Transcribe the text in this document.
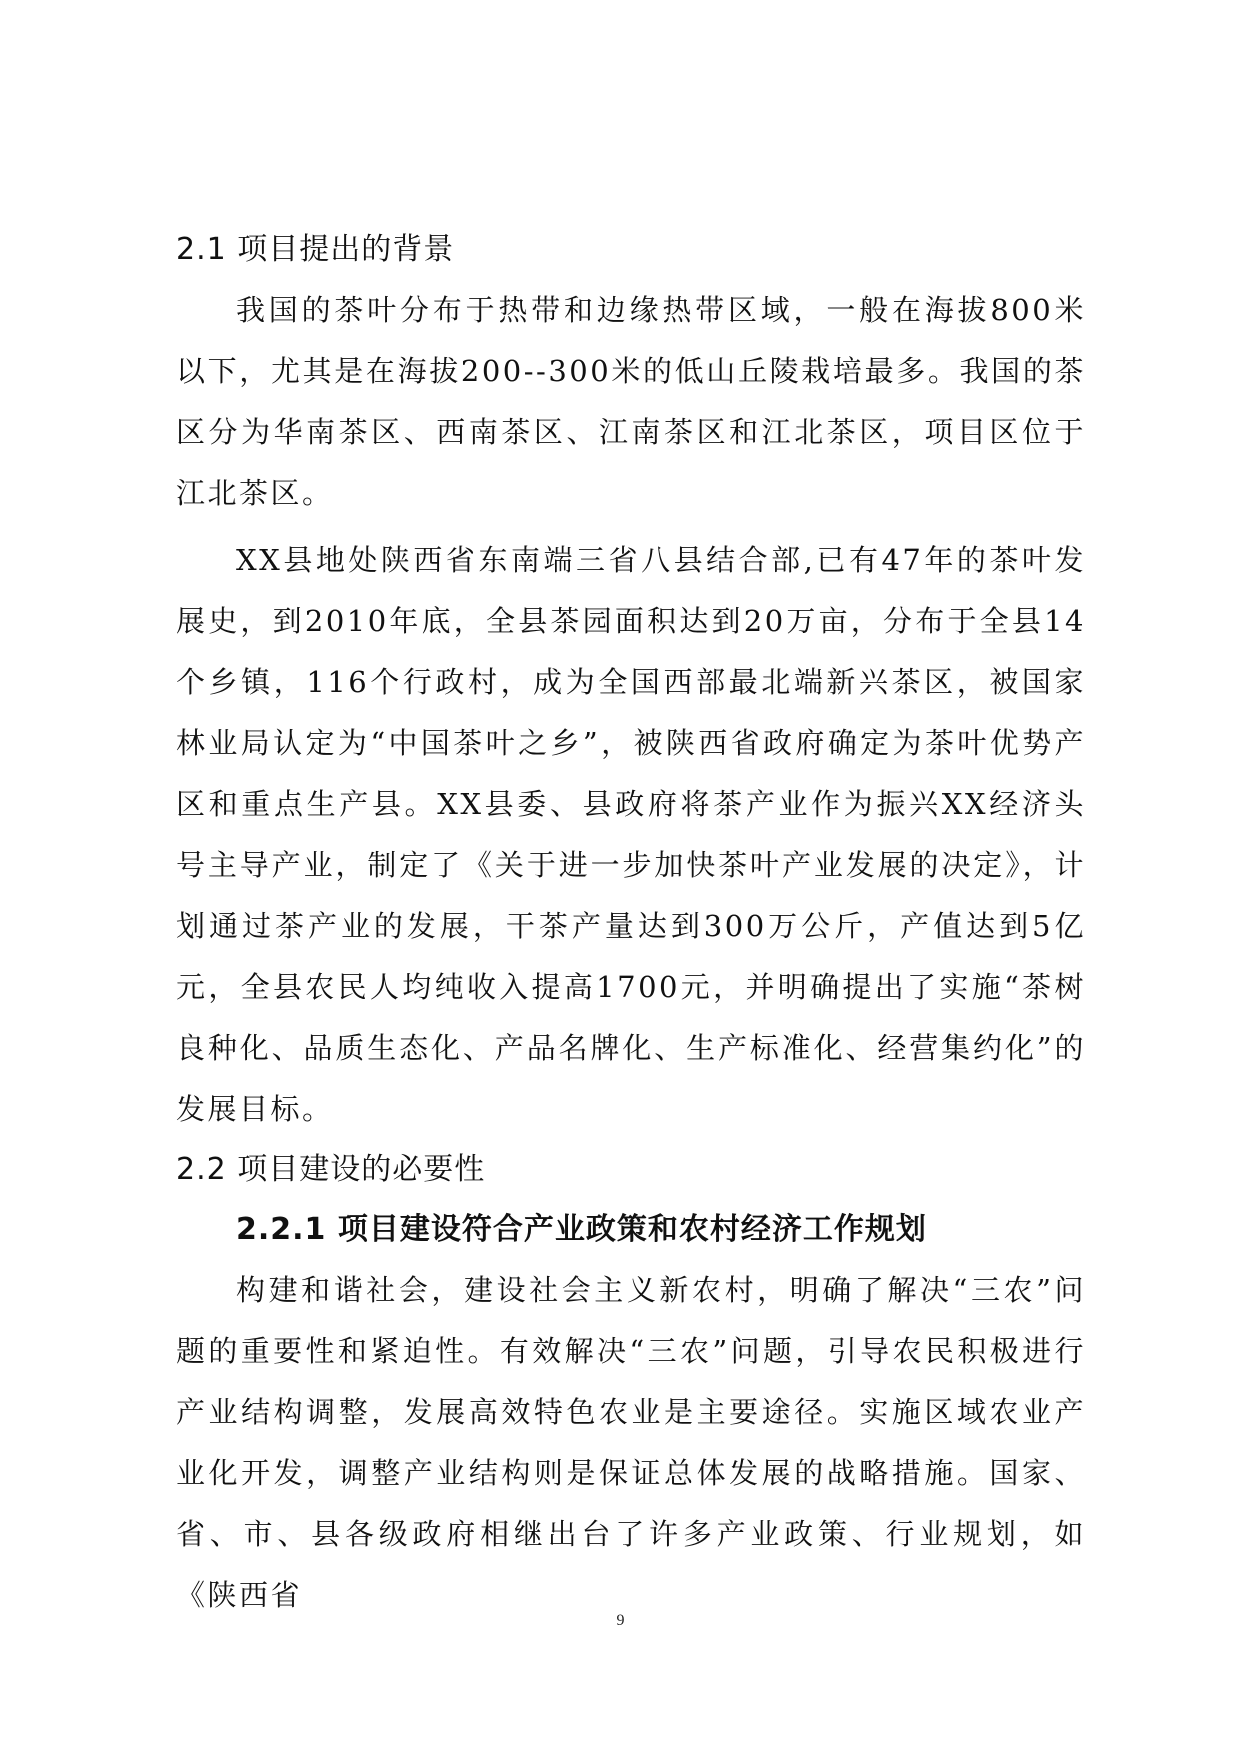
2.1 项目提出的背景

我国的茶叶分布于热带和边缘热带区域，一般在海拔800米以下，尤其是在海拔200--300米的低山丘陵栽培最多。我国的茶区分为华南茶区、西南茶区、江南茶区和江北茶区，项目区位于江北茶区。

XX县地处陕西省东南端三省八县结合部,已有47年的茶叶发展史，到2010年底，全县茶园面积达到20万亩，分布于全县14个乡镇，116个行政村，成为全国西部最北端新兴茶区，被国家林业局认定为“中国茶叶之乡”，被陕西省政府确定为茶叶优势产区和重点生产县。XX县委、县政府将茶产业作为振兴XX经济头号主导产业，制定了《关于进一步加快茶叶产业发展的决定》，计划通过茶产业的发展，干茶产量达到300万公斤，产值达到5亿元，全县农民人均纯收入提高1700元，并明确提出了实施“茶树良种化、品质生态化、产品名牌化、生产标准化、经营集约化”的发展目标。

2.2 项目建设的必要性
2.2.1 项目建设符合产业政策和农村经济工作规划

构建和谐社会，建设社会主义新农村，明确了解决“三农”问题的重要性和紧迫性。有效解决“三农”问题，引导农民积极进行产业结构调整，发展高效特色农业是主要途径。实施区域农业产业化开发，调整产业结构则是保证总体发展的战略措施。国家、省、市、县各级政府相继出台了许多产业政策、行业规划，如《陕西省

9
